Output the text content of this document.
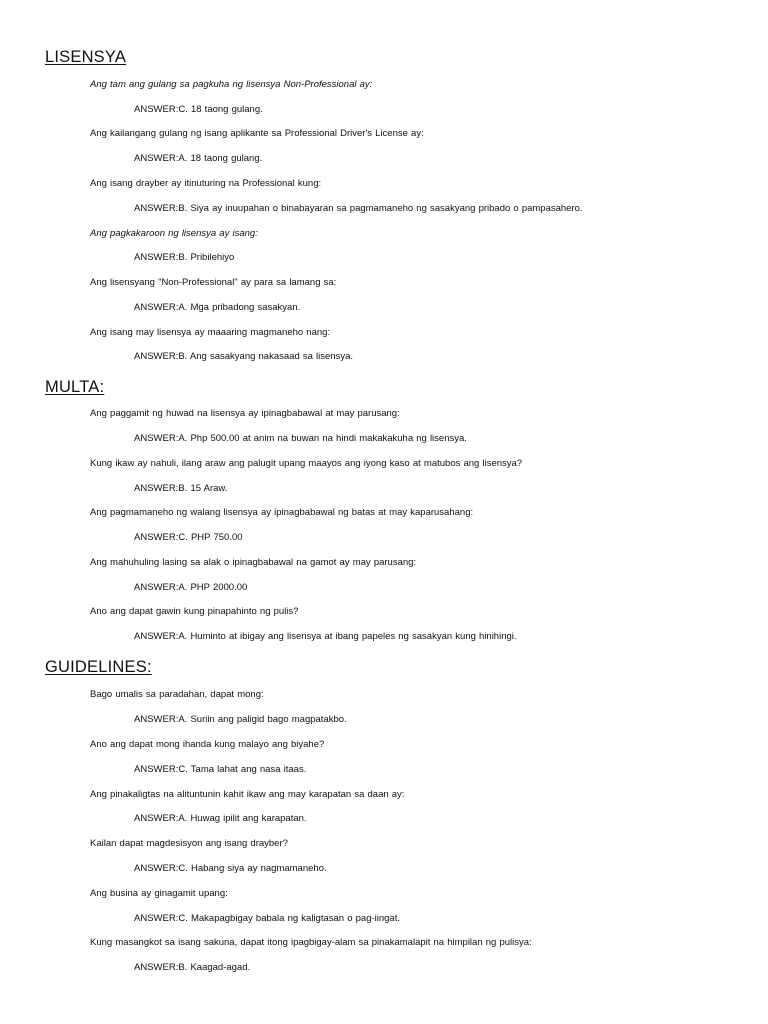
LISENSYA
Ang tam ang gulang sa pagkuha ng lisensya Non-Professional ay:
ANSWER:C. 18 taong gulang.
Ang kailangang gulang ng isang aplikante sa Professional Driver's License ay:
ANSWER:A. 18 taong gulang.
Ang isang drayber ay itinuturing na Professional kung:
ANSWER:B. Siya ay inuupahan o binabayaran sa pagmamaneho ng sasakyang pribado o pampasahero.
Ang pagkakaroon ng lisensya ay isang:
ANSWER:B. Pribilehiyo
Ang lisensyang "Non-Professional" ay para sa lamang sa:
ANSWER:A. Mga pribadong sasakyan.
Ang isang may lisensya ay maaaring magmaneho nang:
ANSWER:B. Ang sasakyang nakasaad sa lisensya.
MULTA:
Ang paggamit ng huwad na lisensya ay ipinagbabawal at may parusang:
ANSWER:A. Php 500.00 at anim na buwan na hindi makakakuha ng lisensya.
Kung ikaw ay nahuli, ilang araw ang palugit upang maayos ang iyong kaso at matubos ang lisensya?
ANSWER:B. 15 Araw.
Ang pagmamaneho ng walang lisensya ay ipinagbabawal ng batas at may kaparusahang:
ANSWER:C. PHP 750.00
Ang mahuhuling lasing sa alak o ipinagbabawal na gamot ay may parusang:
ANSWER:A. PHP 2000.00
Ano ang dapat gawin kung pinapahinto ng pulis?
ANSWER:A. Huminto at ibigay ang lisensya at ibang papeles ng sasakyan kung hinihingi.
GUIDELINES:
Bago umalis sa paradahan, dapat mong:
ANSWER:A. Suriin ang paligid bago magpatakbo.
Ano ang dapat mong ihanda kung malayo ang biyahe?
ANSWER:C. Tama lahat ang nasa itaas.
Ang pinakaligtas na alituntunin kahit ikaw ang may karapatan sa daan ay:
ANSWER:A. Huwag ipilit ang karapatan.
Kailan dapat magdesisyon ang isang drayber?
ANSWER:C. Habang siya ay nagmamaneho.
Ang busina ay ginagamit upang:
ANSWER:C. Makapagbigay babala ng kaligtasan o pag-iingat.
Kung masangkot sa isang sakuna, dapat itong ipagbigay-alam sa pinakamalapit na himpilan ng pulisya:
ANSWER:B. Kaagad-agad.
